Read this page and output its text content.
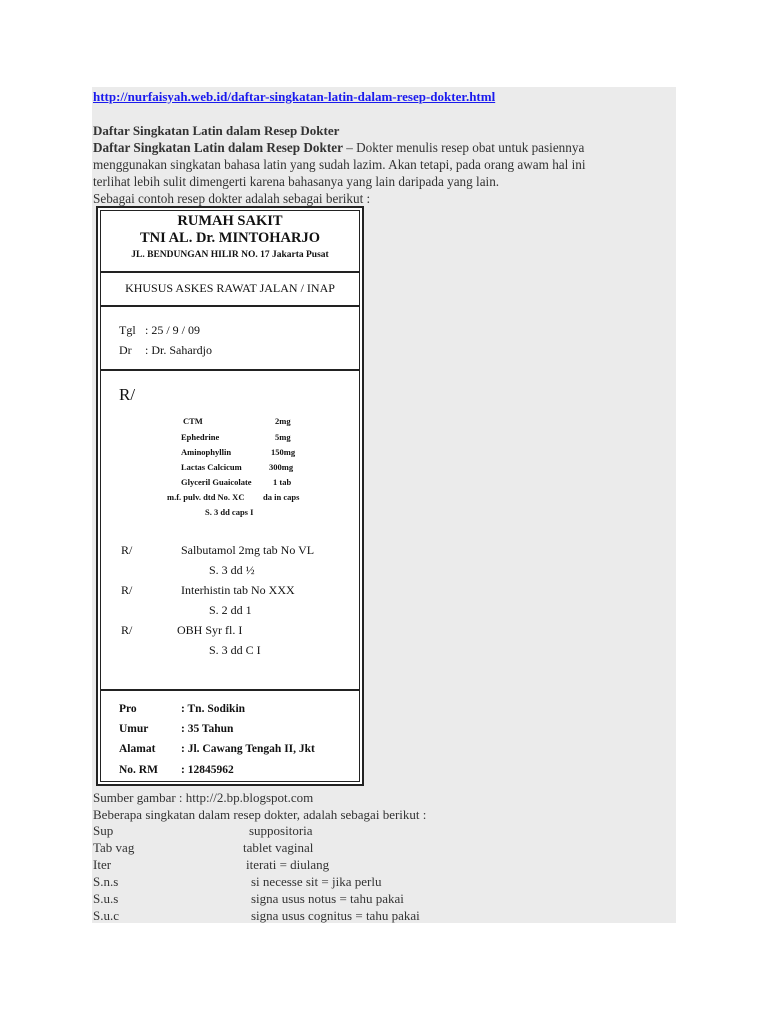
http://nurfaisyah.web.id/daftar-singkatan-latin-dalam-resep-dokter.html
Daftar Singkatan Latin dalam Resep Dokter
Daftar Singkatan Latin dalam Resep Dokter – Dokter menulis resep obat untuk pasiennya
menggunakan singkatan bahasa latin yang sudah lazim. Akan tetapi, pada orang awam hal ini
terlihat lebih sulit dimengerti karena bahasanya yang lain daripada yang lain.
Sebagai contoh resep dokter adalah sebagai berikut :
RUMAH SAKIT
TNI AL. Dr. MINTOHARJO
JL. BENDUNGAN HILIR NO. 17 Jakarta Pusat
KHUSUS ASKES RAWAT JALAN / INAP
Tgl : 25 / 9 / 09
Dr : Dr. Sahardjo
R/
CTM	2mg
Ephedrine	5mg
Aminophyllin	150mg
Lactas Calcicum	300mg
Glyceril Guaicolate	1 tab
m.f. pulv. dtd No. XC da in caps
S. 3 dd caps I
R/	Salbutamol 2mg tab No VL
S. 3 dd ½
R/	Interhistin tab No XXX
S. 2 dd 1
R/	OBH Syr fl. I
S. 3 dd C I
Pro	: Tn. Sodikin
Umur	: 35 Tahun
Alamat : Jl. Cawang Tengah II, Jkt
No. RM : 12845962
Sumber gambar : http://2.bp.blogspot.com
Beberapa singkatan dalam resep dokter, adalah sebagai berikut :
Sup	suppositoria
Tab vag	tablet vaginal
Iter	iterati = diulang
S.n.s	si necesse sit = jika perlu
S.u.s	signa usus notus = tahu pakai
S.u.c	signa usus cognitus = tahu pakai
